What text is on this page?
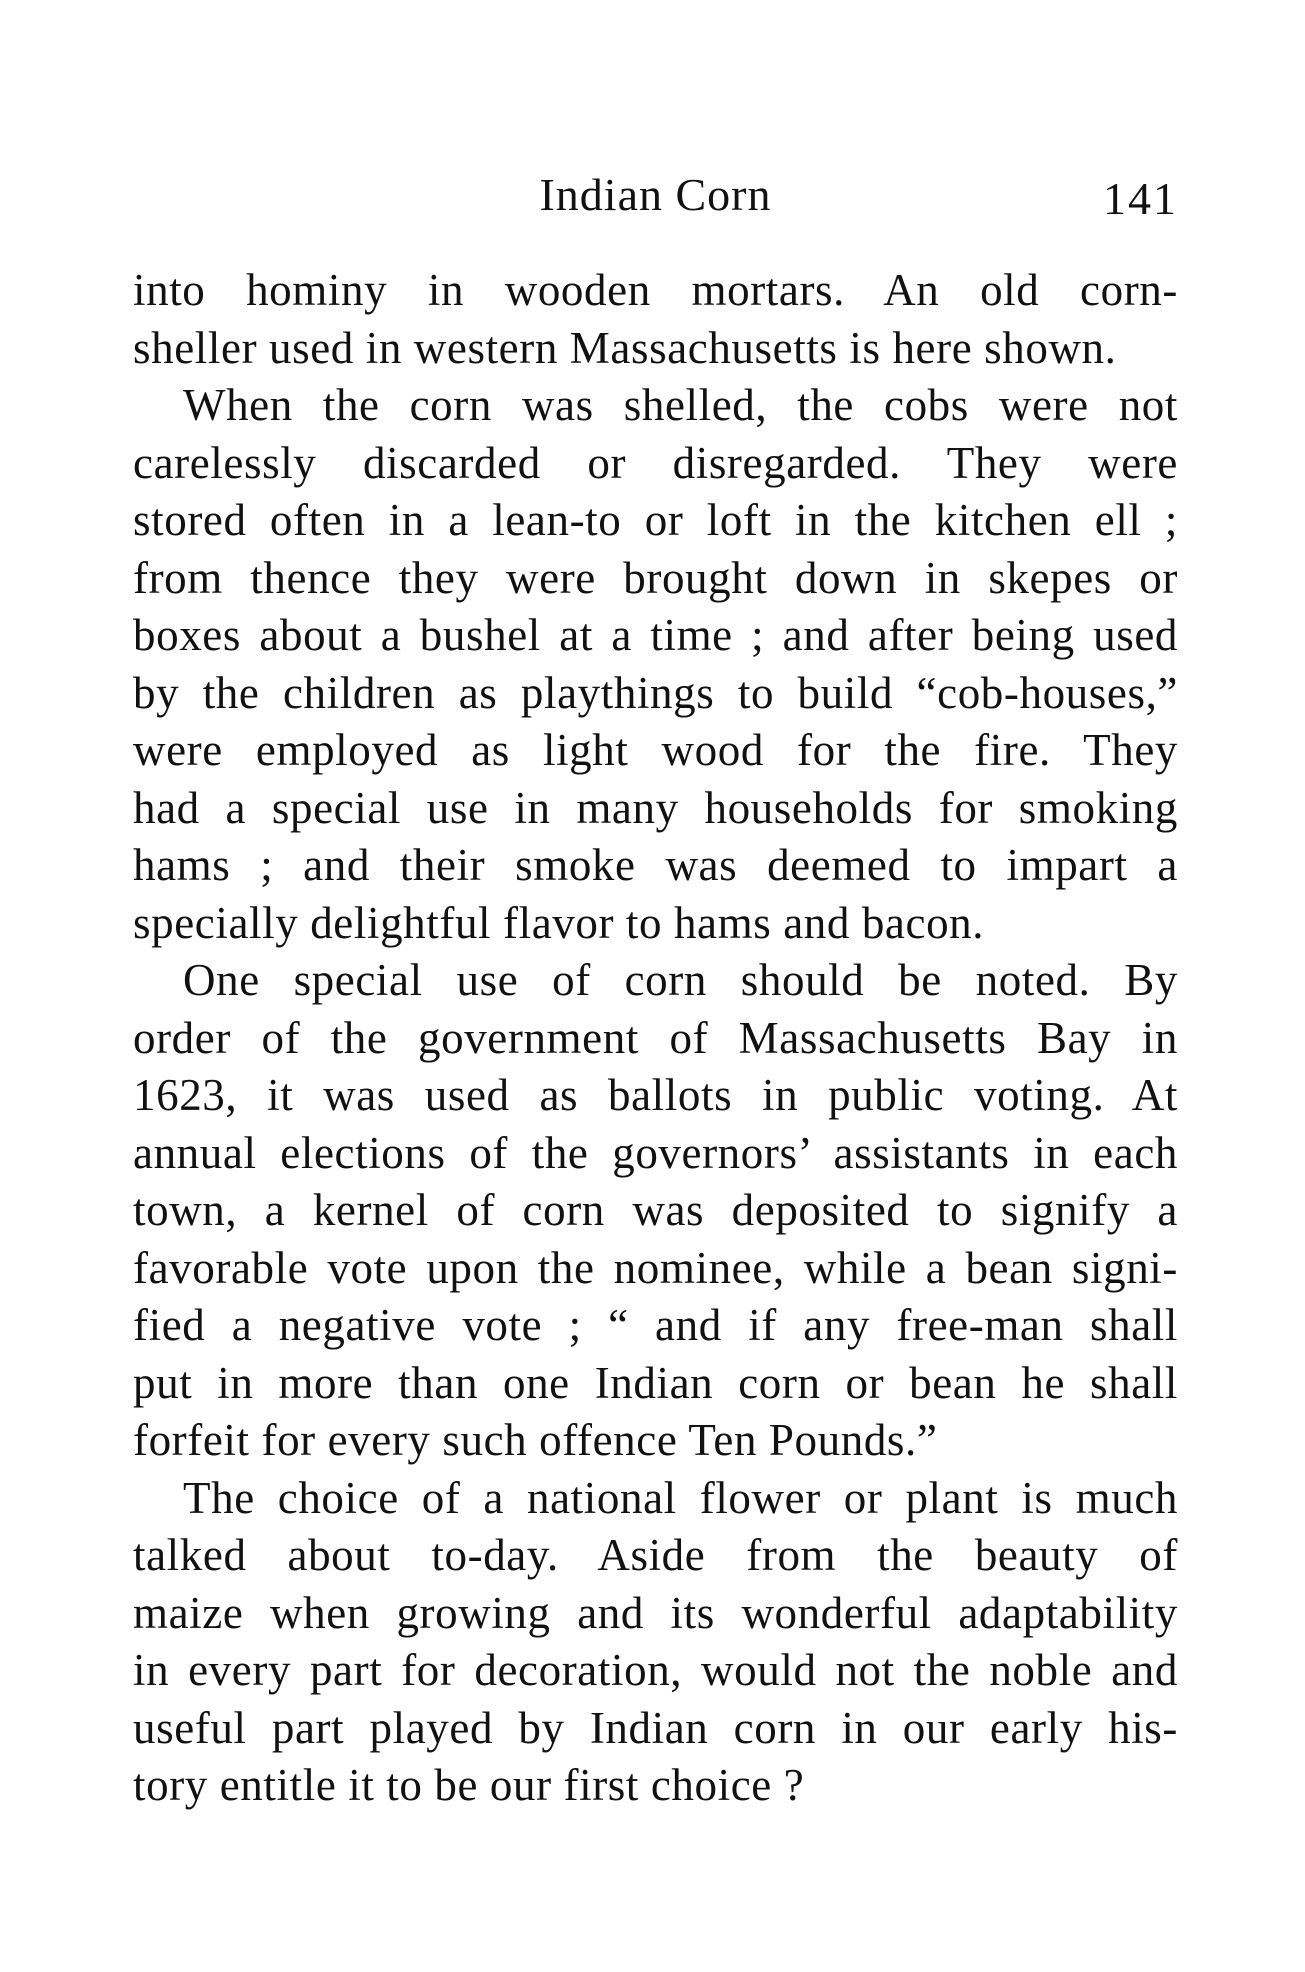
Indian Corn	141
into hominy in wooden mortars. An old corn-
sheller used in western Massachusetts is here shown.
When the corn was shelled, the cobs were not
carelessly discarded or disregarded. They were
stored often in a lean-to or loft in the kitchen ell ;
from thence they were brought down in skepes or
boxes about a bushel at a time ; and after being used
by the children as playthings to build “cob-houses,”
were employed as light wood for the fire. They
had a special use in many households for smoking
hams ; and their smoke was deemed to impart a
specially delightful flavor to hams and bacon.
One special use of corn should be noted. By
order of the government of Massachusetts Bay in
1623, it was used as ballots in public voting. At
annual elections of the governors’ assistants in each
town, a kernel of corn was deposited to signify a
favorable vote upon the nominee, while a bean signi-
fied a negative vote ; “ and if any free-man shall
put in more than one Indian corn or bean he shall
forfeit for every such offence Ten Pounds.”
The choice of a national flower or plant is much
talked about to-day. Aside from the beauty of
maize when growing and its wonderful adaptability
in every part for decoration, would not the noble and
useful part played by Indian corn in our early his-
tory entitle it to be our first choice ?
